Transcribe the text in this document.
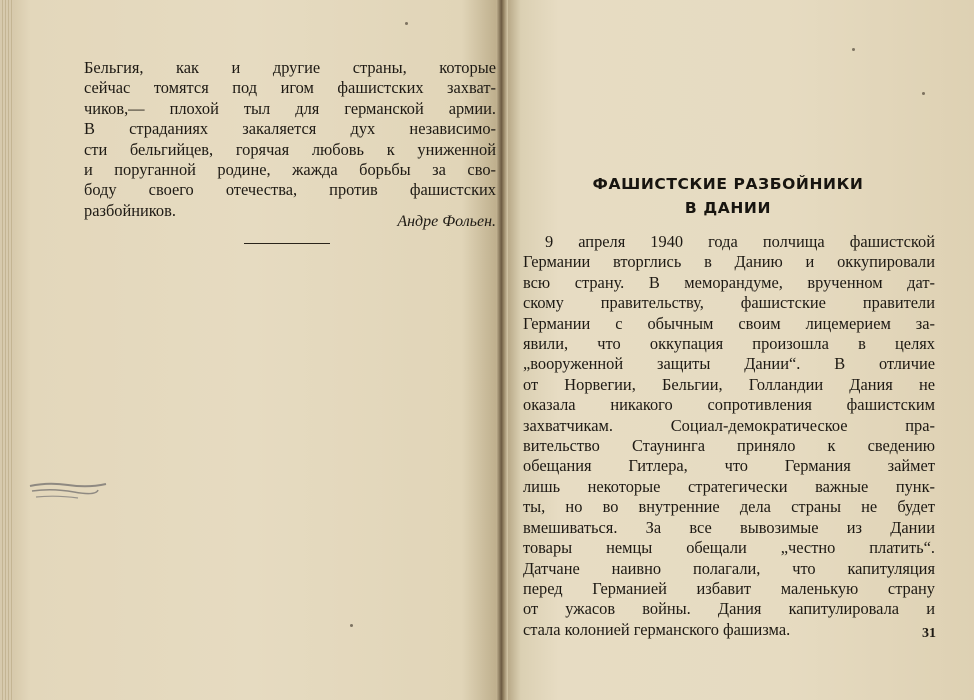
Бельгия, как и другие страны, которые
сейчас томятся под игом фашистских захват-
чиков,— плохой тыл для германской армии.
В страданиях закаляется дух независимо-
сти бельгийцев, горячая любовь к униженной
и поруганной родине, жажда борьбы за сво-
боду своего отечества, против фашистских
разбойников.
Андре Фольен.
ФАШИСТСКИЕ РАЗБОЙНИКИ
В ДАНИИ
9 апреля 1940 года полчища фашистской
Германии вторглись в Данию и оккупировали
всю страну. В меморандуме, врученном дат-
скому правительству, фашистские правители
Германии с обычным своим лицемерием за-
явили, что оккупация произошла в целях
„вооруженной защиты Дании“. В отличие
от Норвегии, Бельгии, Голландии Дания не
оказала никакого сопротивления фашистским
захватчикам. Социал-демократическое пра-
вительство Стаунинга приняло к сведению
обещания Гитлера, что Германия займет
лишь некоторые стратегически важные пунк-
ты, но во внутренние дела страны не будет
вмешиваться. За все вывозимые из Дании
товары немцы обещали „честно платить“.
Датчане наивно полагали, что капитуляция
перед Германией избавит маленькую страну
от ужасов войны. Дания капитулировала и
стала колонией германского фашизма.	31
